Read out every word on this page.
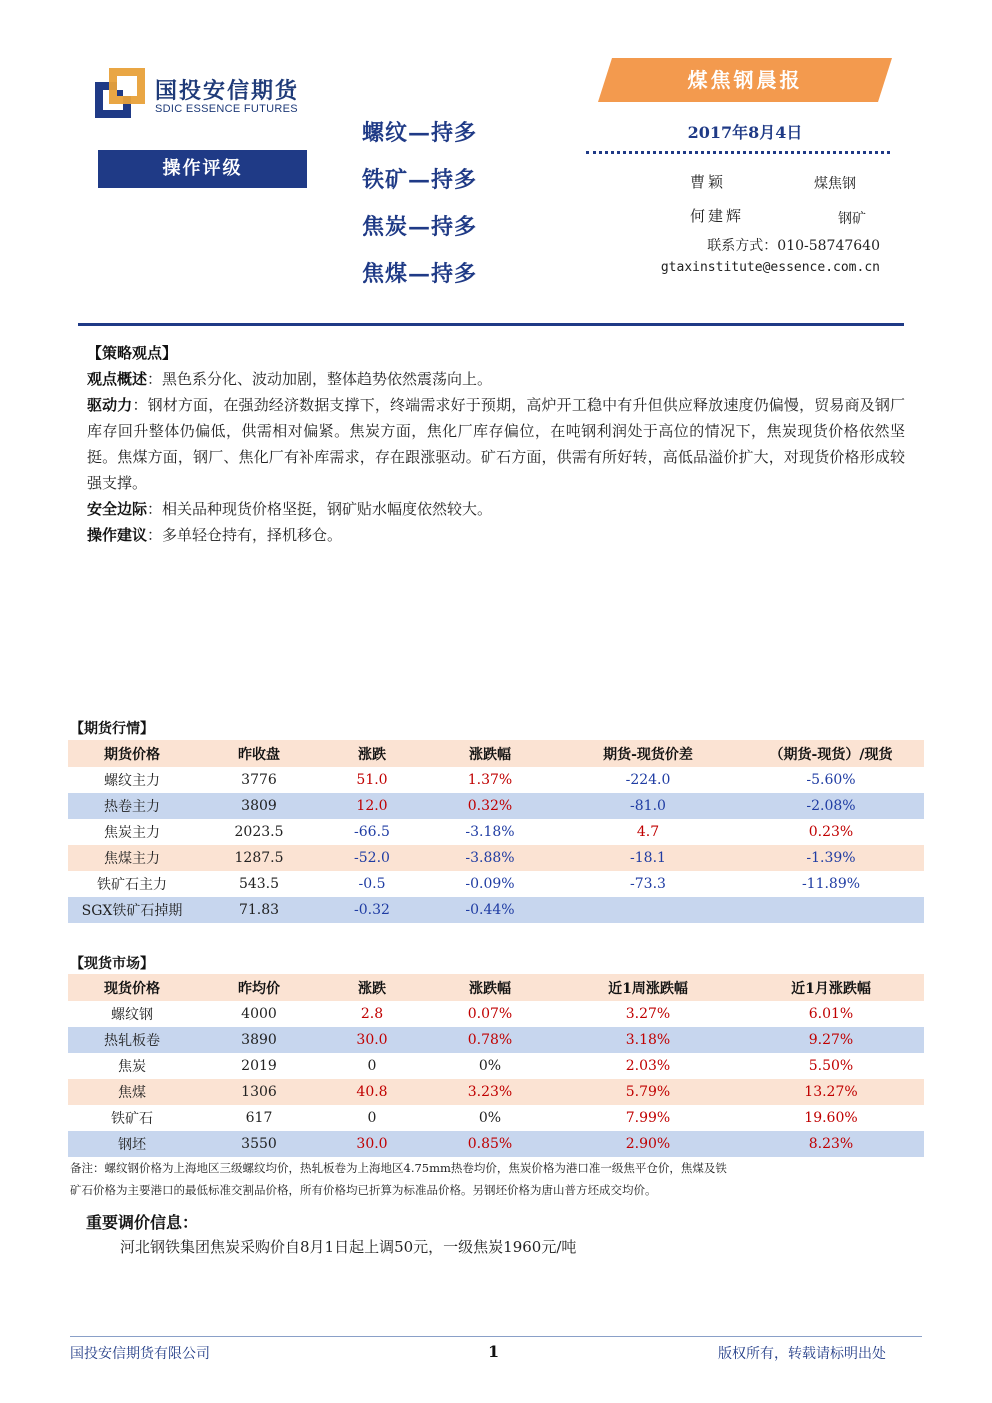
国投安信期货
SDIC ESSENCE FUTURES
操作评级
螺纹—持多
铁矿—持多
焦炭—持多
焦煤—持多
煤焦钢晨报
2017年8月4日
曹颖	煤焦钢
何建辉	钢矿
联系方式：010-58747640
gtaxinstitute@essence.com.cn
【策略观点】
观点概述：黑色系分化、波动加剧，整体趋势依然震荡向上。
驱动力：钢材方面，在强劲经济数据支撑下，终端需求好于预期，高炉开工稳中有升但供应释放速度仍偏慢，贸易商及钢厂库存回升整体仍偏低，供需相对偏紧。焦炭方面，焦化厂库存偏位，在吨钢利润处于高位的情况下，焦炭现货价格依然坚挺。焦煤方面，钢厂、焦化厂有补库需求，存在跟涨驱动。矿石方面，供需有所好转，高低品溢价扩大，对现货价格形成较强支撑。
安全边际：相关品种现货价格坚挺，钢矿贴水幅度依然较大。
操作建议：多单轻仓持有，择机移仓。
【期货行情】
期货价格	昨收盘	涨跌	涨跌幅	期货-现货价差	（期货-现货）/现货
螺纹主力	3776	51.0	1.37%	-224.0	-5.60%
热卷主力	3809	12.0	0.32%	-81.0	-2.08%
焦炭主力	2023.5	-66.5	-3.18%	4.7	0.23%
焦煤主力	1287.5	-52.0	-3.88%	-18.1	-1.39%
铁矿石主力	543.5	-0.5	-0.09%	-73.3	-11.89%
SGX铁矿石掉期	71.83	-0.32	-0.44%		
【现货市场】
现货价格	昨均价	涨跌	涨跌幅	近1周涨跌幅	近1月涨跌幅
螺纹钢	4000	2.8	0.07%	3.27%	6.01%
热轧板卷	3890	30.0	0.78%	3.18%	9.27%
焦炭	2019	0	0%	2.03%	5.50%
焦煤	1306	40.8	3.23%	5.79%	13.27%
铁矿石	617	0	0%	7.99%	19.60%
钢坯	3550	30.0	0.85%	2.90%	8.23%
备注：螺纹钢价格为上海地区三级螺纹均价，热轧板卷为上海地区4.75mm热卷均价，焦炭价格为港口准一级焦平仓价，焦煤及铁
矿石价格为主要港口的最低标准交割品价格，所有价格均已折算为标准品价格。另钢坯价格为唐山普方坯成交均价。
重要调价信息：
河北钢铁集团焦炭采购价自8月1日起上调50元，一级焦炭1960元/吨
国投安信期货有限公司	1	版权所有，转载请标明出处
